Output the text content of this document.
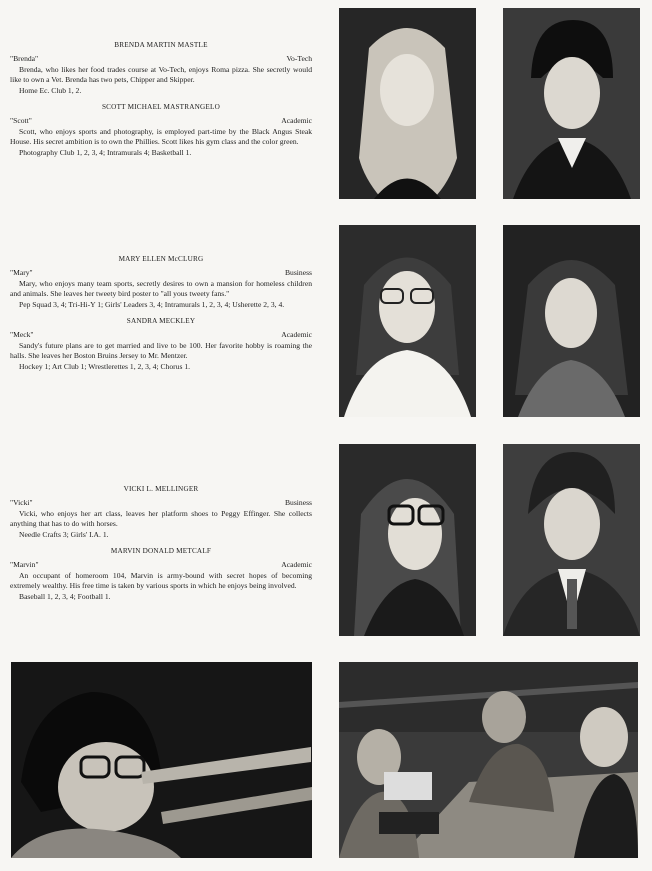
BRENDA MARTIN MASTLE
"Brenda"	Vo-Tech

Brenda, who likes her food trades course at Vo-Tech, enjoys Roma pizza. She secretly would like to own a Vet. Brenda has two pets, Chipper and Skipper.

Home Ec. Club 1, 2.

SCOTT MICHAEL MASTRANGELO
"Scott"	Academic

Scott, who enjoys sports and photography, is employed part-time by the Black Angus Steak House. His secret ambition is to own the Phillies. Scott likes his gym class and the color green.

Photography Club 1, 2, 3, 4; Intramurals 4; Basketball 1.

MARY ELLEN McCLURG
"Mary"	Business

Mary, who enjoys many team sports, secretly desires to own a mansion for homeless children and animals. She leaves her tweety bird poster to "all yous tweety fans."

Pep Squad 3, 4; Tri-Hi-Y 1; Girls' Leaders 3, 4; Intramurals 1, 2, 3, 4; Usherette 2, 3, 4.

SANDRA MECKLEY
"Meck"	Academic

Sandy's future plans are to get married and live to be 100. Her favorite hobby is roaming the halls. She leaves her Boston Bruins Jersey to Mr. Mentzer.

Hockey 1; Art Club 1; Wrestlerettes 1, 2, 3, 4; Chorus 1.

VICKI L. MELLINGER
"Vicki"	Business

Vicki, who enjoys her art class, leaves her platform shoes to Peggy Effinger. She collects anything that has to do with horses.

Needle Crafts 3; Girls' I.A. 1.

MARVIN DONALD METCALF
"Marvin"	Academic

An occupant of homeroom 104, Marvin is army-bound with secret hopes of becoming extremely wealthy. His free time is taken by various sports in which he enjoys being involved.

Baseball 1, 2, 3, 4; Football 1.
